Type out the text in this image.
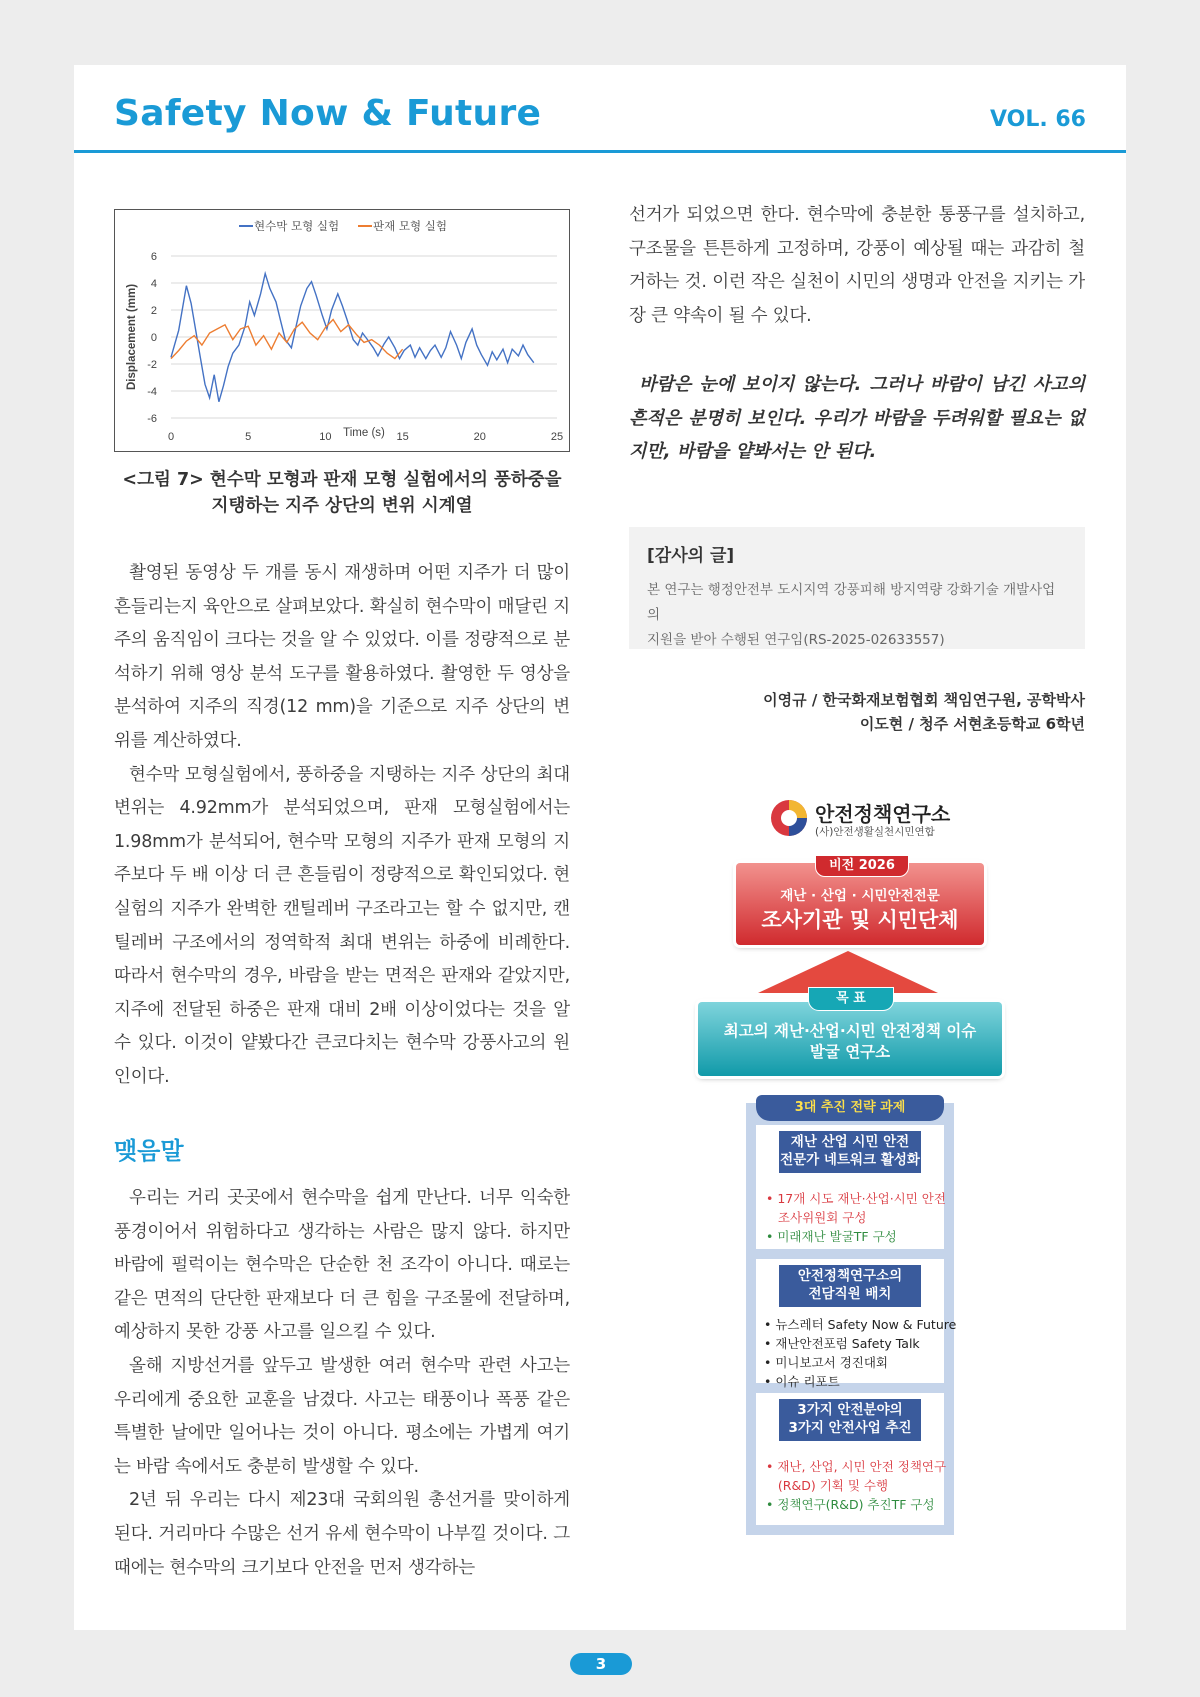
Safety Now & Future	VOL. 66
6
4
2
0
-2
-4
-6
0	5	10	15	20	25
Time (s)
Displacement (mm)
현수막 모형 실험	판재 모형 실험
<그림 7> 현수막 모형과 판재 모형 실험에서의 풍하중을
지탱하는 지주 상단의 변위 시계열

촬영된 동영상 두 개를 동시 재생하며 어떤 지주가 더 많이 흔들리는지 육안으로 살펴보았다. 확실히 현수막이 매달린 지주의 움직임이 크다는 것을 알 수 있었다. 이를 정량적으로 분석하기 위해 영상 분석 도구를 활용하였다. 촬영한 두 영상을 분석하여 지주의 직경(12 mm)을 기준으로 지주 상단의 변위를 계산하였다.

현수막 모형실험에서, 풍하중을 지탱하는 지주 상단의 최대 변위는 4.92mm가 분석되었으며, 판재 모형실험에서는 1.98mm가 분석되어, 현수막 모형의 지주가 판재 모형의 지주보다 두 배 이상 더 큰 흔들림이 정량적으로 확인되었다. 현 실험의 지주가 완벽한 캔틸레버 구조라고는 할 수 없지만, 캔틸레버 구조에서의 정역학적 최대 변위는 하중에 비례한다. 따라서 현수막의 경우, 바람을 받는 면적은 판재와 같았지만, 지주에 전달된 하중은 판재 대비 2배 이상이었다는 것을 알 수 있다. 이것이 얕봤다간 큰코다치는 현수막 강풍사고의 원인이다.

맺음말

우리는 거리 곳곳에서 현수막을 쉽게 만난다. 너무 익숙한 풍경이어서 위험하다고 생각하는 사람은 많지 않다. 하지만 바람에 펄럭이는 현수막은 단순한 천 조각이 아니다. 때로는 같은 면적의 단단한 판재보다 더 큰 힘을 구조물에 전달하며, 예상하지 못한 강풍 사고를 일으킬 수 있다.

올해 지방선거를 앞두고 발생한 여러 현수막 관련 사고는 우리에게 중요한 교훈을 남겼다. 사고는 태풍이나 폭풍 같은 특별한 날에만 일어나는 것이 아니다. 평소에는 가볍게 여기는 바람 속에서도 충분히 발생할 수 있다.

2년 뒤 우리는 다시 제23대 국회의원 총선거를 맞이하게 된다. 거리마다 수많은 선거 유세 현수막이 나부낄 것이다. 그때에는 현수막의 크기보다 안전을 먼저 생각하는

선거가 되었으면 한다. 현수막에 충분한 통풍구를 설치하고, 구조물을 튼튼하게 고정하며, 강풍이 예상될 때는 과감히 철거하는 것. 이런 작은 실천이 시민의 생명과 안전을 지키는 가장 큰 약속이 될 수 있다.

바람은 눈에 보이지 않는다. 그러나 바람이 남긴 사고의 흔적은 분명히 보인다. 우리가 바람을 두려워할 필요는 없지만, 바람을 얕봐서는 안 된다.

[감사의 글]
본 연구는 행정안전부 도시지역 강풍피해 방지역량 강화기술 개발사업의
지원을 받아 수행된 연구임(RS-2025-02633557)
이영규 / 한국화재보험협회 책임연구원, 공학박사
이도현 / 청주 서현초등학교 6학년
안전정책연구소
(사)안전생활실천시민연합
비전 2026
재난 · 산업 · 시민안전전문
조사기관 및 시민단체
목 표
최고의 재난·산업·시민 안전정책 이슈
발굴 연구소
3대 추진 전략 과제
재난 산업 시민 안전
전문가 네트워크 활성화
• 17개 시도 재난·산업·시민 안전
조사위원회 구성
• 미래재난 발굴TF 구성
안전정책연구소의
전담직원 배치
• 뉴스레터 Safety Now & Future
• 재난안전포럼 Safety Talk
• 미니보고서 경진대회
• 이슈 리포트
3가지 안전분야의
3가지 안전사업 추진
• 재난, 산업, 시민 안전 정책연구
(R&D) 기획 및 수행
• 정책연구(R&D) 추진TF 구성
3
